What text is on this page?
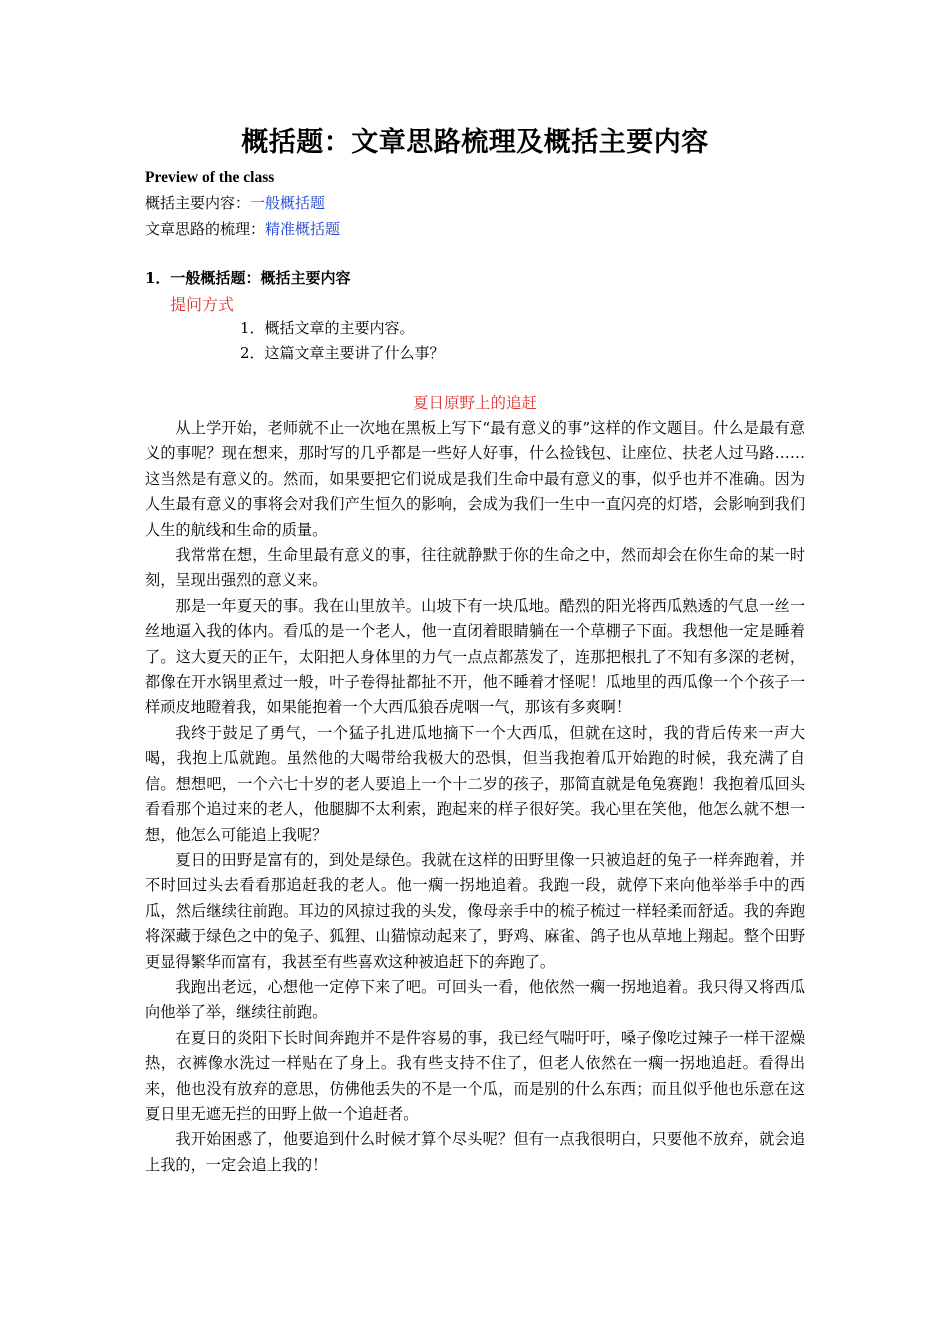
概括题：文章思路梳理及概括主要内容
Preview of the class
概括主要内容：一般概括题
文章思路的梳理：精准概括题
1．一般概括题：概括主要内容
提问方式
1．概括文章的主要内容。
2．这篇文章主要讲了什么事？
夏日原野上的追赶

从上学开始，老师就不止一次地在黑板上写下“最有意义的事”这样的作文题目。什么是最有意义的事呢？现在想来，那时写的几乎都是一些好人好事，什么捡钱包、让座位、扶老人过马路……这当然是有意义的。然而，如果要把它们说成是我们生命中最有意义的事，似乎也并不准确。因为人生最有意义的事将会对我们产生恒久的影响，会成为我们一生中一直闪亮的灯塔，会影响到我们人生的航线和生命的质量。

我常常在想，生命里最有意义的事，往往就静默于你的生命之中，然而却会在你生命的某一时刻，呈现出强烈的意义来。

那是一年夏天的事。我在山里放羊。山坡下有一块瓜地。酷烈的阳光将西瓜熟透的气息一丝一丝地逼入我的体内。看瓜的是一个老人，他一直闭着眼睛躺在一个草棚子下面。我想他一定是睡着了。这大夏天的正午，太阳把人身体里的力气一点点都蒸发了，连那把根扎了不知有多深的老树，都像在开水锅里煮过一般，叶子卷得扯都扯不开，他不睡着才怪呢！瓜地里的西瓜像一个个孩子一样顽皮地瞪着我，如果能抱着一个大西瓜狼吞虎咽一气，那该有多爽啊！

我终于鼓足了勇气，一个猛子扎进瓜地摘下一个大西瓜，但就在这时，我的背后传来一声大喝，我抱上瓜就跑。虽然他的大喝带给我极大的恐惧，但当我抱着瓜开始跑的时候，我充满了自信。想想吧，一个六七十岁的老人要追上一个十二岁的孩子，那简直就是龟兔赛跑！我抱着瓜回头看看那个追过来的老人，他腿脚不太利索，跑起来的样子很好笑。我心里在笑他，他怎么就不想一想，他怎么可能追上我呢？

夏日的田野是富有的，到处是绿色。我就在这样的田野里像一只被追赶的兔子一样奔跑着，并不时回过头去看看那追赶我的老人。他一瘸一拐地追着。我跑一段，就停下来向他举举手中的西瓜，然后继续往前跑。耳边的风掠过我的头发，像母亲手中的梳子梳过一样轻柔而舒适。我的奔跑将深藏于绿色之中的兔子、狐狸、山猫惊动起来了，野鸡、麻雀、鸽子也从草地上翔起。整个田野更显得繁华而富有，我甚至有些喜欢这种被追赶下的奔跑了。

我跑出老远，心想他一定停下来了吧。可回头一看，他依然一瘸一拐地追着。我只得又将西瓜向他举了举，继续往前跑。

在夏日的炎阳下长时间奔跑并不是件容易的事，我已经气喘吁吁，嗓子像吃过辣子一样干涩燥热，衣裤像水洗过一样贴在了身上。我有些支持不住了，但老人依然在一瘸一拐地追赶。看得出来，他也没有放弃的意思，仿佛他丢失的不是一个瓜，而是别的什么东西；而且似乎他也乐意在这夏日里无遮无拦的田野上做一个追赶者。

我开始困惑了，他要追到什么时候才算个尽头呢？但有一点我很明白，只要他不放弃，就会追上我的，一定会追上我的！
